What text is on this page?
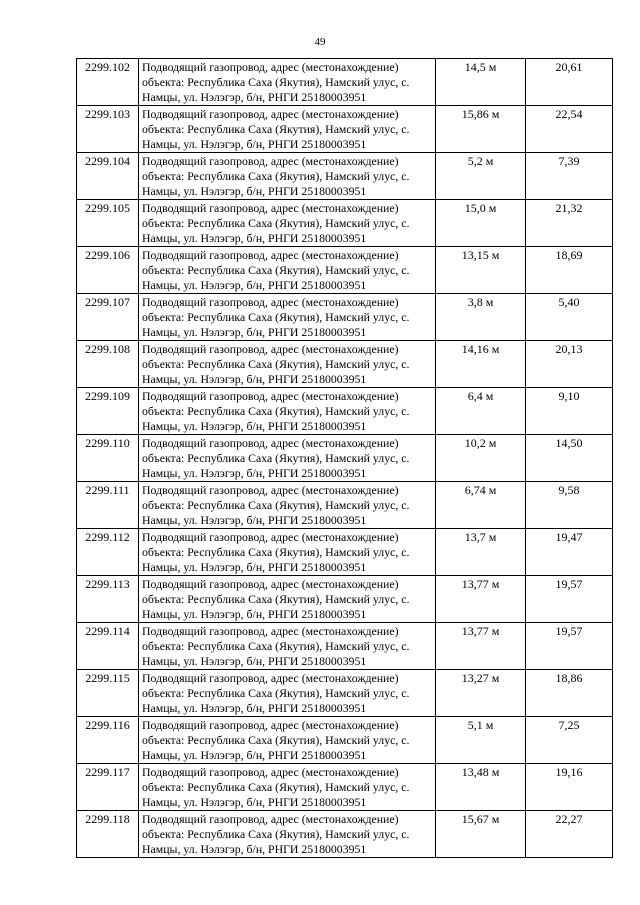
49
2299.102	Подводящий газопровод, адрес (местонахождение) объекта: Республика Саха (Якутия), Намский улус, с. Намцы, ул. Нэлэгэр, б/н, РНГИ 25180003951	14,5 м	20,61
2299.103	Подводящий газопровод, адрес (местонахождение) объекта: Республика Саха (Якутия), Намский улус, с. Намцы, ул. Нэлэгэр, б/н, РНГИ 25180003951	15,86 м	22,54
2299.104	Подводящий газопровод, адрес (местонахождение) объекта: Республика Саха (Якутия), Намский улус, с. Намцы, ул. Нэлэгэр, б/н, РНГИ 25180003951	5,2 м	7,39
2299.105	Подводящий газопровод, адрес (местонахождение) объекта: Республика Саха (Якутия), Намский улус, с. Намцы, ул. Нэлэгэр, б/н, РНГИ 25180003951	15,0 м	21,32
2299.106	Подводящий газопровод, адрес (местонахождение) объекта: Республика Саха (Якутия), Намский улус, с. Намцы, ул. Нэлэгэр, б/н, РНГИ 25180003951	13,15 м	18,69
2299.107	Подводящий газопровод, адрес (местонахождение) объекта: Республика Саха (Якутия), Намский улус, с. Намцы, ул. Нэлэгэр, б/н, РНГИ 25180003951	3,8 м	5,40
2299.108	Подводящий газопровод, адрес (местонахождение) объекта: Республика Саха (Якутия), Намский улус, с. Намцы, ул. Нэлэгэр, б/н, РНГИ 25180003951	14,16 м	20,13
2299.109	Подводящий газопровод, адрес (местонахождение) объекта: Республика Саха (Якутия), Намский улус, с. Намцы, ул. Нэлэгэр, б/н, РНГИ 25180003951	6,4 м	9,10
2299.110	Подводящий газопровод, адрес (местонахождение) объекта: Республика Саха (Якутия), Намский улус, с. Намцы, ул. Нэлэгэр, б/н, РНГИ 25180003951	10,2 м	14,50
2299.111	Подводящий газопровод, адрес (местонахождение) объекта: Республика Саха (Якутия), Намский улус, с. Намцы, ул. Нэлэгэр, б/н, РНГИ 25180003951	6,74 м	9,58
2299.112	Подводящий газопровод, адрес (местонахождение) объекта: Республика Саха (Якутия), Намский улус, с. Намцы, ул. Нэлэгэр, б/н, РНГИ 25180003951	13,7 м	19,47
2299.113	Подводящий газопровод, адрес (местонахождение) объекта: Республика Саха (Якутия), Намский улус, с. Намцы, ул. Нэлэгэр, б/н, РНГИ 25180003951	13,77 м	19,57
2299.114	Подводящий газопровод, адрес (местонахождение) объекта: Республика Саха (Якутия), Намский улус, с. Намцы, ул. Нэлэгэр, б/н, РНГИ 25180003951	13,77 м	19,57
2299.115	Подводящий газопровод, адрес (местонахождение) объекта: Республика Саха (Якутия), Намский улус, с. Намцы, ул. Нэлэгэр, б/н, РНГИ 25180003951	13,27 м	18,86
2299.116	Подводящий газопровод, адрес (местонахождение) объекта: Республика Саха (Якутия), Намский улус, с. Намцы, ул. Нэлэгэр, б/н, РНГИ 25180003951	5,1 м	7,25
2299.117	Подводящий газопровод, адрес (местонахождение) объекта: Республика Саха (Якутия), Намский улус, с. Намцы, ул. Нэлэгэр, б/н, РНГИ 25180003951	13,48 м	19,16
2299.118	Подводящий газопровод, адрес (местонахождение) объекта: Республика Саха (Якутия), Намский улус, с. Намцы, ул. Нэлэгэр, б/н, РНГИ 25180003951	15,67 м	22,27
